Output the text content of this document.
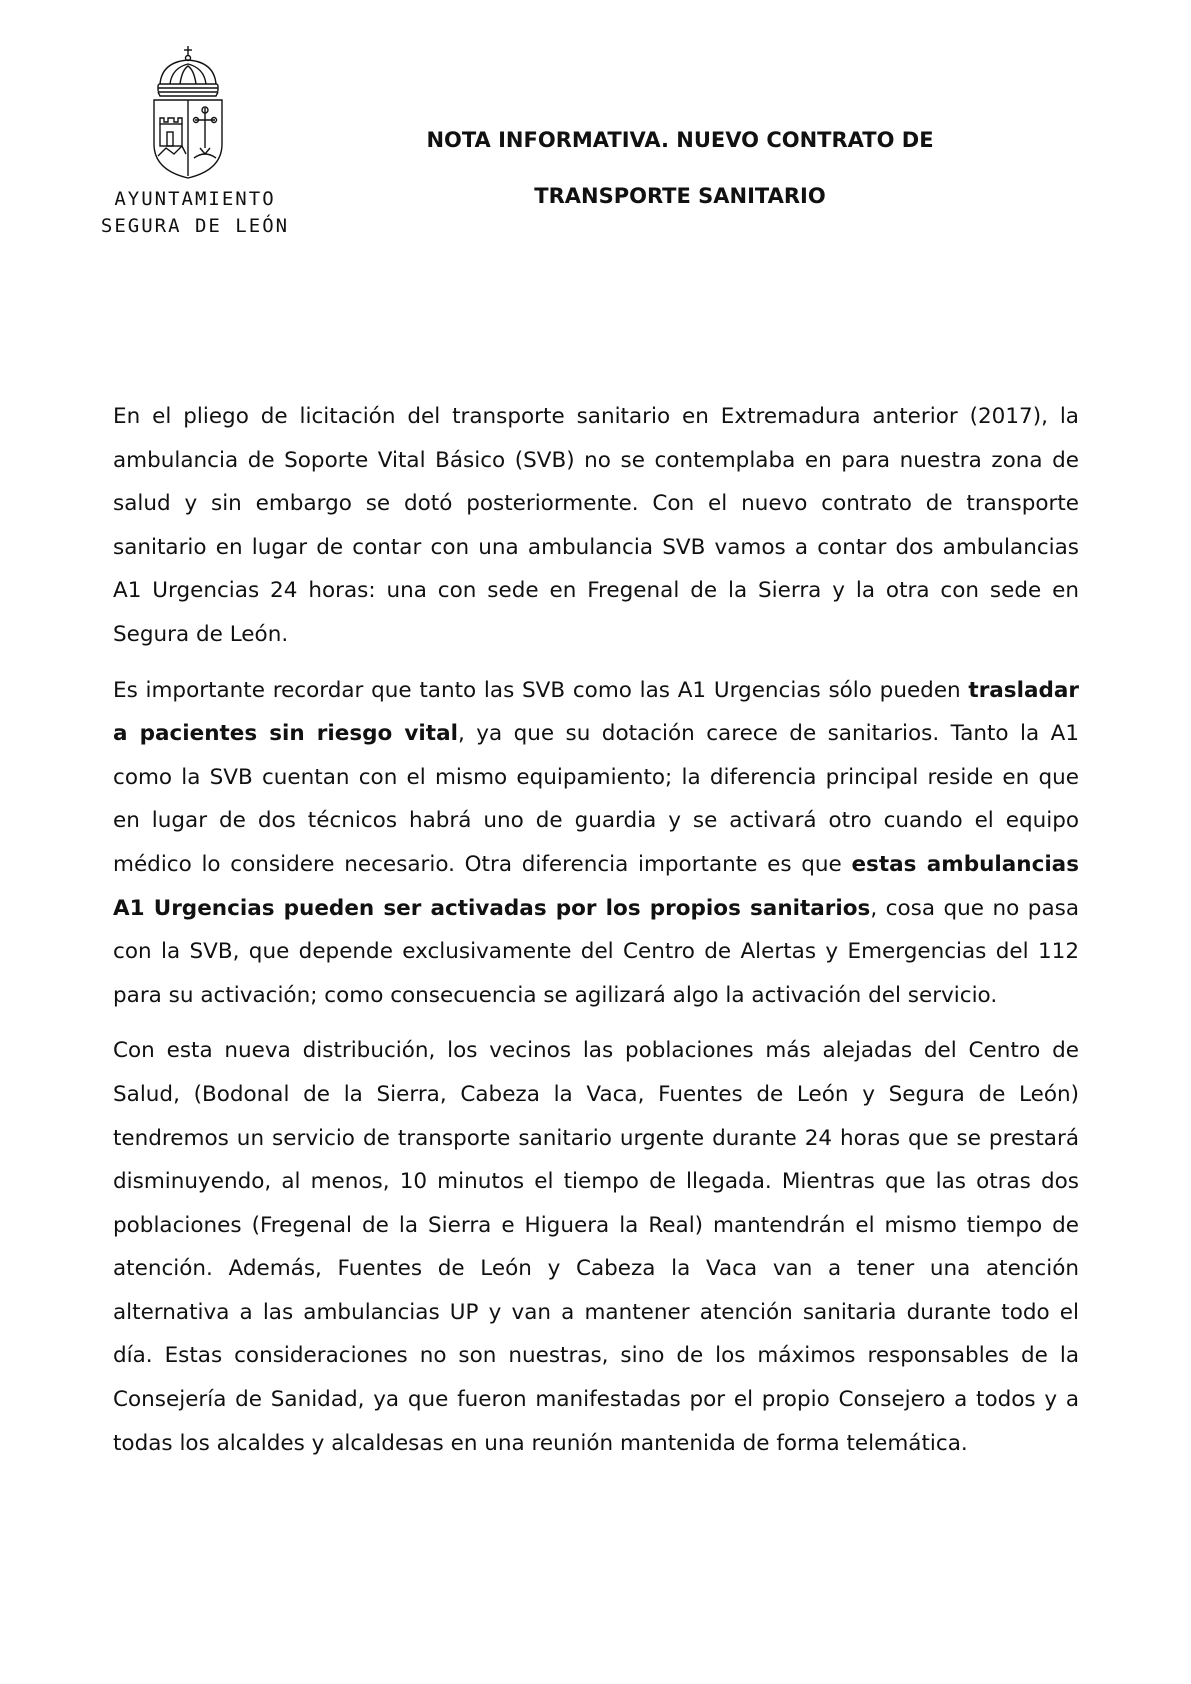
AYUNTAMIENTO
SEGURA DE LEÓN
NOTA INFORMATIVA. NUEVO CONTRATO DE
TRANSPORTE SANITARIO

En el pliego de licitación del transporte sanitario en Extremadura anterior (2017), la ambulancia de Soporte Vital Básico (SVB) no se contemplaba en para nuestra zona de salud y sin embargo se dotó posteriormente. Con el nuevo contrato de transporte sanitario en lugar de contar con una ambulancia SVB vamos a contar dos ambulancias A1 Urgencias 24 horas: una con sede en Fregenal de la Sierra y la otra con sede en Segura de León.

Es importante recordar que tanto las SVB como las A1 Urgencias sólo pueden trasladar a pacientes sin riesgo vital, ya que su dotación carece de sanitarios. Tanto la A1 como la SVB cuentan con el mismo equipamiento; la diferencia principal reside en que en lugar de dos técnicos habrá uno de guardia y se activará otro cuando el equipo médico lo considere necesario. Otra diferencia importante es que estas ambulancias A1 Urgencias pueden ser activadas por los propios sanitarios, cosa que no pasa con la SVB, que depende exclusivamente del Centro de Alertas y Emergencias del 112 para su activación; como consecuencia se agilizará algo la activación del servicio.

Con esta nueva distribución, los vecinos las poblaciones más alejadas del Centro de Salud, (Bodonal de la Sierra, Cabeza la Vaca, Fuentes de León y Segura de León) tendremos un servicio de transporte sanitario urgente durante 24 horas que se prestará disminuyendo, al menos, 10 minutos el tiempo de llegada. Mientras que las otras dos poblaciones (Fregenal de la Sierra e Higuera la Real) mantendrán el mismo tiempo de atención. Además, Fuentes de León y Cabeza la Vaca van a tener una atención alternativa a las ambulancias UP y van a mantener atención sanitaria durante todo el día. Estas consideraciones no son nuestras, sino de los máximos responsables de la Consejería de Sanidad, ya que fueron manifestadas por el propio Consejero a todos y a todas los alcaldes y alcaldesas en una reunión mantenida de forma telemática.
